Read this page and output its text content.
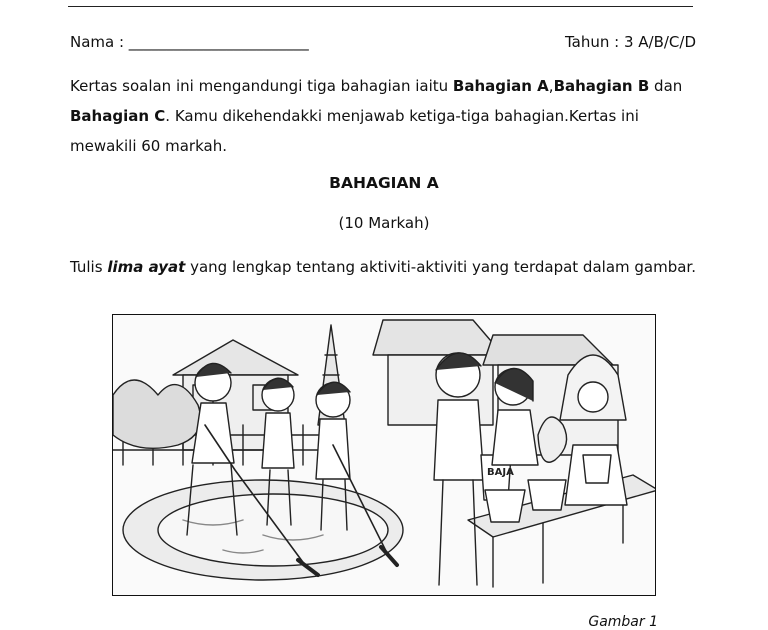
Nama : ________________________	Tahun : 3 A/B/C/D
Kertas soalan ini mengandungi tiga bahagian iaitu Bahagian A,Bahagian B dan Bahagian C. Kamu dikehendakki menjawab ketiga-tiga bahagian.Kertas ini mewakili 60 markah.
BAHAGIAN A
(10 Markah)
Tulis lima ayat yang lengkap tentang aktiviti-aktiviti yang terdapat dalam gambar.
BAJA
Gambar 1
